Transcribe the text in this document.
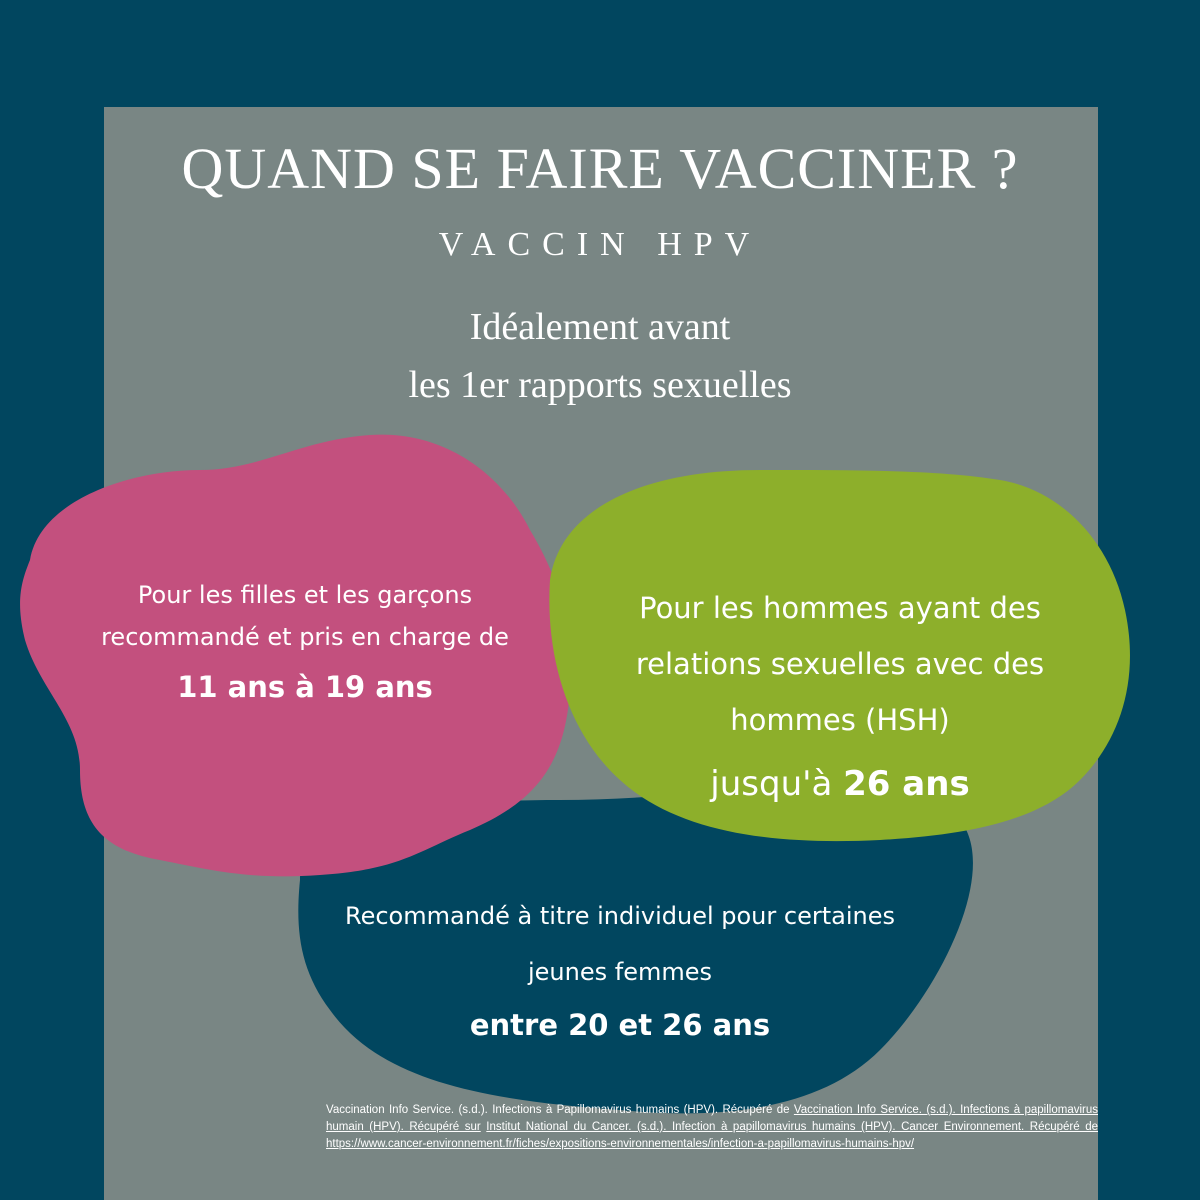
QUAND SE FAIRE VACCINER ?
VACCIN HPV
Idéalement avant
les 1er rapports sexuelles
Pour les filles et les garçons
recommandé et pris en charge de
11 ans à 19 ans
Pour les hommes ayant des
relations sexuelles avec des
hommes (HSH)
jusqu'à 26 ans
Recommandé à titre individuel pour certaines
jeunes femmes
entre 20 et 26 ans
Vaccination Info Service. (s.d.). Infections à Papillomavirus humains (HPV). Récupéré de Vaccination Info Service. (s.d.). Infections à papillomavirus humain (HPV). Récupéré sur Institut National du Cancer. (s.d.). Infection à papillomavirus humains (HPV). Cancer Environnement. Récupéré de https://www.cancer-environnement.fr/fiches/expositions-environnementales/infection-a-papillomavirus-humains-hpv/
